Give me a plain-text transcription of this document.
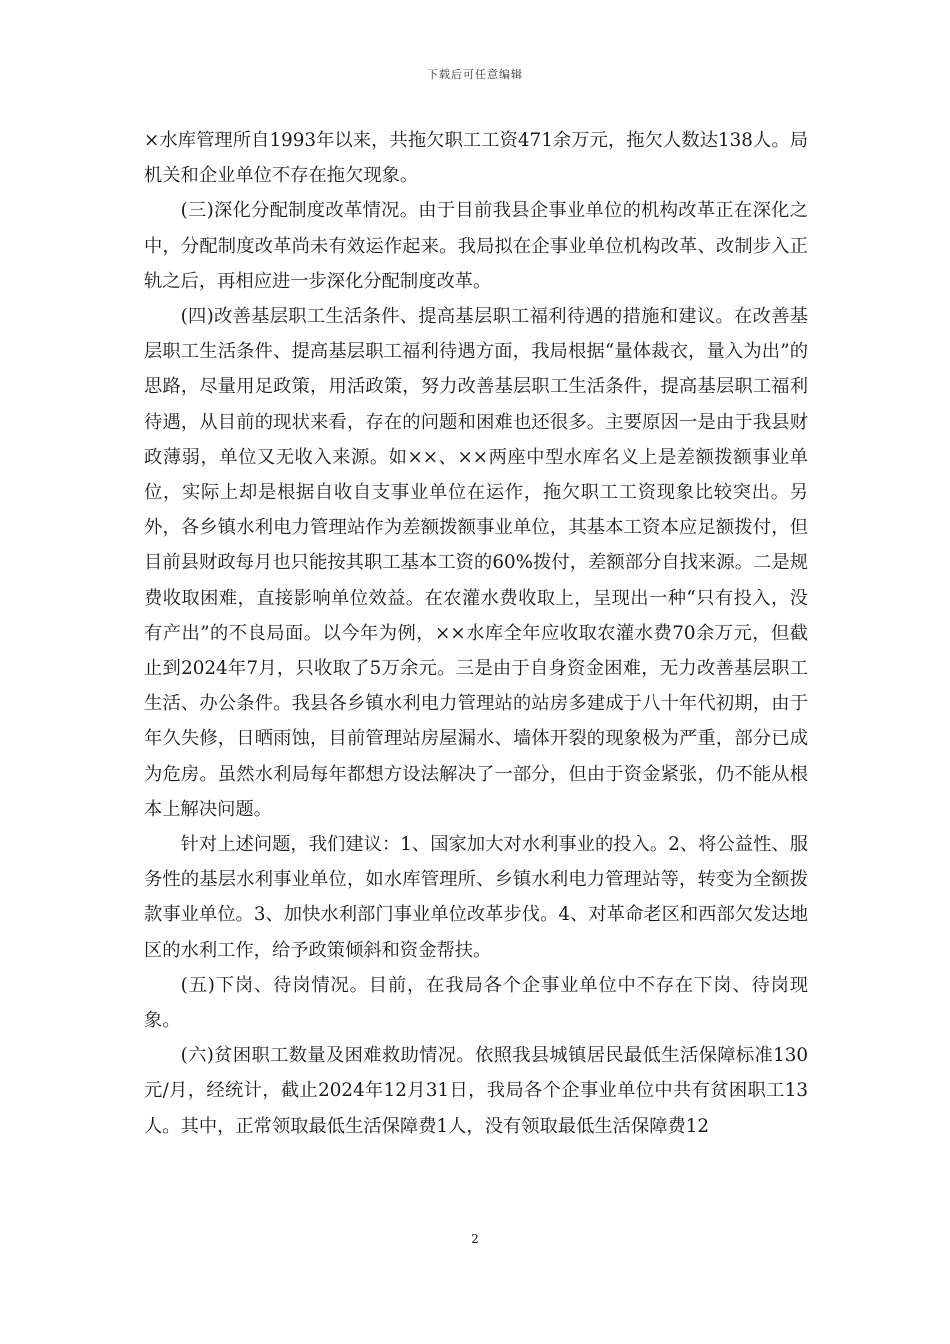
下载后可任意编辑

×水库管理所自1993年以来，共拖欠职工工资471余万元，拖欠人数达138人。局机关和企业单位不存在拖欠现象。

(三)深化分配制度改革情况。由于目前我县企事业单位的机构改革正在深化之中，分配制度改革尚未有效运作起来。我局拟在企事业单位机构改革、改制步入正轨之后，再相应进一步深化分配制度改革。

(四)改善基层职工生活条件、提高基层职工福利待遇的措施和建议。在改善基层职工生活条件、提高基层职工福利待遇方面，我局根据“量体裁衣，量入为出”的思路，尽量用足政策，用活政策，努力改善基层职工生活条件，提高基层职工福利待遇，从目前的现状来看，存在的问题和困难也还很多。主要原因一是由于我县财政薄弱，单位又无收入来源。如××、××两座中型水库名义上是差额拨额事业单位，实际上却是根据自收自支事业单位在运作，拖欠职工工资现象比较突出。另外，各乡镇水利电力管理站作为差额拨额事业单位，其基本工资本应足额拨付，但目前县财政每月也只能按其职工基本工资的60%拨付，差额部分自找来源。二是规费收取困难，直接影响单位效益。在农灌水费收取上，呈现出一种“只有投入，没有产出”的不良局面。以今年为例，××水库全年应收取农灌水费70余万元，但截止到2024年7月，只收取了5万余元。三是由于自身资金困难，无力改善基层职工生活、办公条件。我县各乡镇水利电力管理站的站房多建成于八十年代初期，由于年久失修，日晒雨蚀，目前管理站房屋漏水、墙体开裂的现象极为严重，部分已成为危房。虽然水利局每年都想方设法解决了一部分，但由于资金紧张，仍不能从根本上解决问题。

针对上述问题，我们建议：1、国家加大对水利事业的投入。2、将公益性、服务性的基层水利事业单位，如水库管理所、乡镇水利电力管理站等，转变为全额拨款事业单位。3、加快水利部门事业单位改革步伐。4、对革命老区和西部欠发达地区的水利工作，给予政策倾斜和资金帮扶。

(五)下岗、待岗情况。目前，在我局各个企事业单位中不存在下岗、待岗现象。

(六)贫困职工数量及困难救助情况。依照我县城镇居民最低生活保障标准130元/月，经统计，截止2024年12月31日，我局各个企事业单位中共有贫困职工13人。其中，正常领取最低生活保障费1人，没有领取最低生活保障费12

2
